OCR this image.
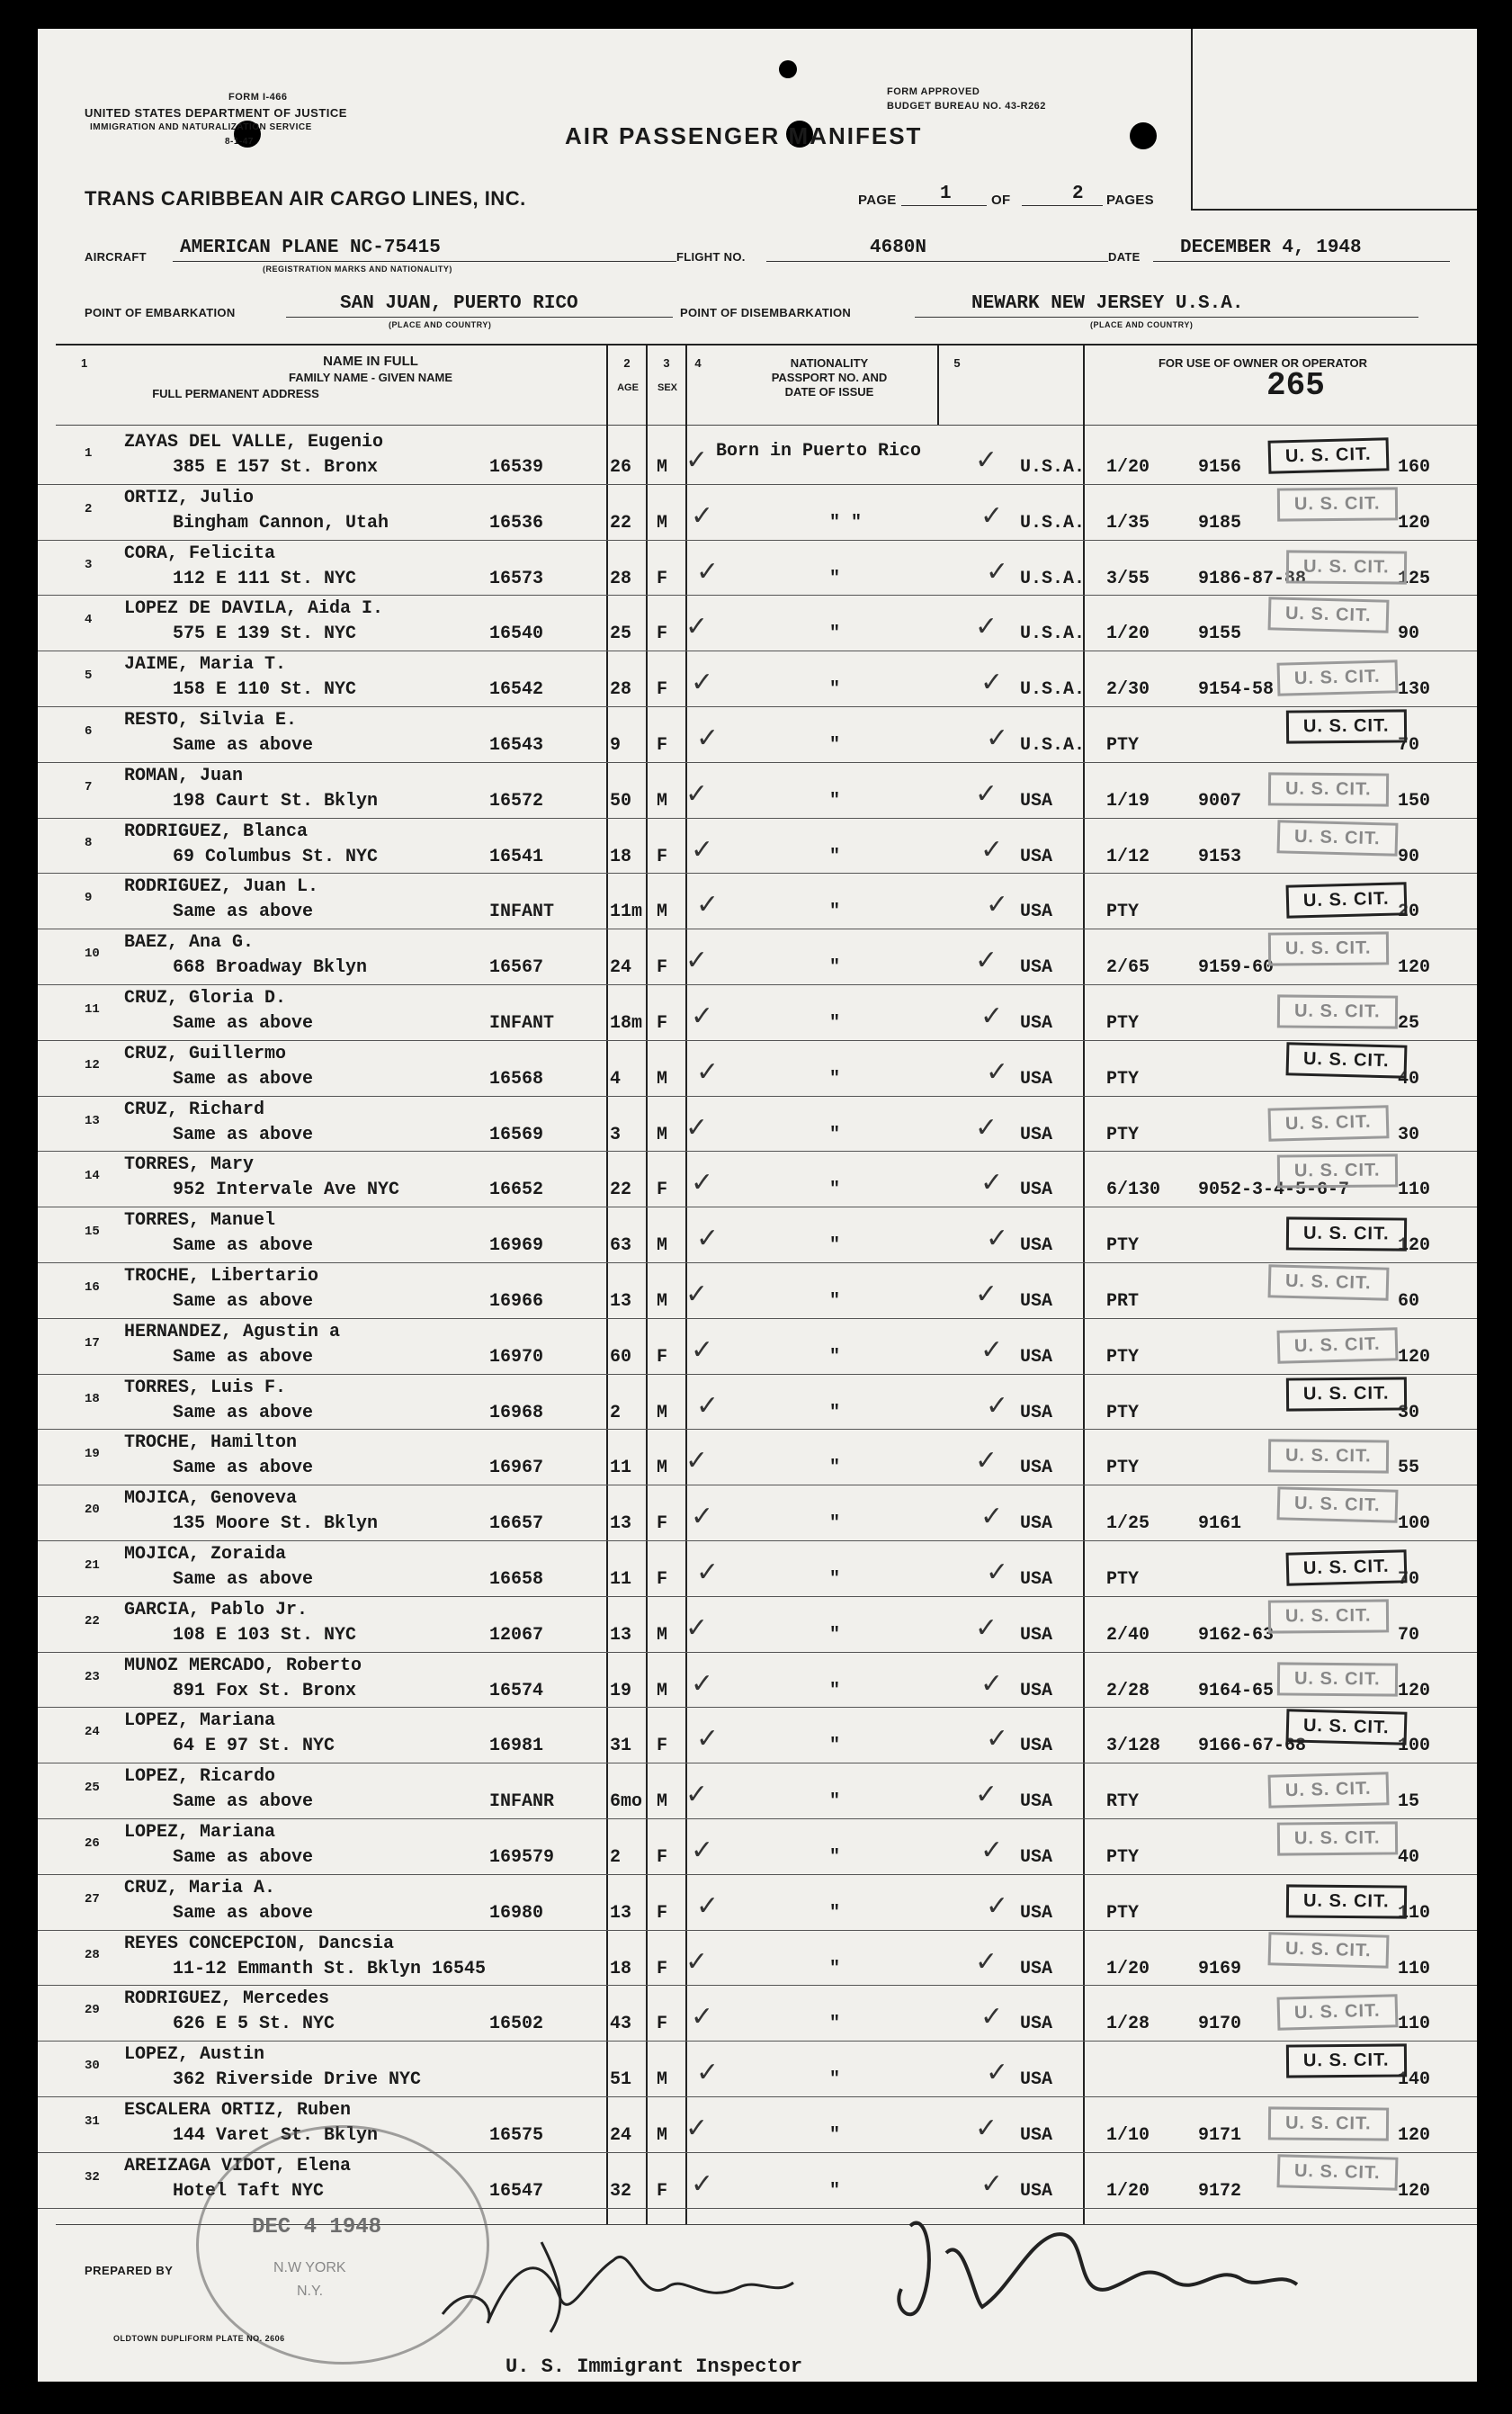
FORM I-466
UNITED STATES DEPARTMENT OF JUSTICE
IMMIGRATION AND NATURALIZATION SERVICE
8-1-47
FORM APPROVED
BUDGET BUREAU NO. 43-R262
AIR PASSENGER MANIFEST
TRANS CARIBBEAN AIR CARGO LINES, INC.	PAGE 1	OF	2 PAGES
AIRCRAFT AMERICAN PLANE NC-75415
(REGISTRATION MARKS AND NATIONALITY)
FLIGHT NO.	4680N	DATE DECEMBER 4, 1948
POINT OF EMBARKATION	SAN JUAN, PUERTO RICO
(PLACE AND COUNTRY)
POINT OF DISEMBARKATION	NEWARK NEW JERSEY U.S.A.
(PLACE AND COUNTRY)
1	NAME IN FULL
FAMILY NAME - GIVEN NAME
FULL PERMANENT ADDRESS
2
AGE
3
SEX
4	NATIONALITY
PASSPORT NO. AND
DATE OF ISSUE
5	FOR USE OF OWNER OR OPERATOR
265
1
ZAYAS DEL VALLE, Eugenio
385 E 157 St. Bronx	16539	26 M
Born in Puerto Rico
U.S.A. 1/20	9156	160
U. S. CIT.
✓	✓
2
ORTIZ, Julio
Bingham Cannon, Utah	16536	22 M	" "	U.S.A. 1/35	9185	120
U. S. CIT.
✓	✓
3
CORA, Felicita
112 E 111 St. NYC	16573	28 F	"	U.S.A. 3/55	9186-87-88	125
U. S. CIT.
✓	✓
4
LOPEZ DE DAVILA, Aida I.
575 E 139 St. NYC	16540	25 F	"	U.S.A. 1/20	9155	90
U. S. CIT.
✓	✓
5
JAIME, Maria T.
158 E 110 St. NYC	16542	28 F	"	U.S.A. 2/30	9154-58	130
U. S. CIT.
✓	✓
6
RESTO, Silvia E.
Same as above	16543	9 F	"	U.S.A. PTY	70
U. S. CIT.
✓	✓
7
ROMAN, Juan
198 Caurt St. Bklyn	16572	50 M	"	USA	1/19	9007	150
U. S. CIT.
✓	✓
8
RODRIGUEZ, Blanca
69 Columbus St. NYC	16541	18 F	"	USA	1/12	9153	90
U. S. CIT.
✓	✓
9
RODRIGUEZ, Juan L.
Same as above	INFANT	11m M	"	USA	PTY	20
U. S. CIT.
✓	✓
10
BAEZ, Ana G.
668 Broadway Bklyn	16567	24 F	"	USA	2/65	9159-60	120
U. S. CIT.
✓	✓
11
CRUZ, Gloria D.
Same as above	INFANT	18m F	"	USA	PTY	25
U. S. CIT.
✓	✓
12
CRUZ, Guillermo
Same as above	16568	4 M	"	USA	PTY	40
U. S. CIT.
✓	✓
13
CRUZ, Richard
Same as above	16569	3 M	"	USA	PTY	30
U. S. CIT.
✓	✓
14
TORRES, Mary
952 Intervale Ave NYC	16652	22 F	"	USA	6/130 9052-3-4-5-6-7	110
U. S. CIT.
✓	✓
15
TORRES, Manuel
Same as above	16969	63 M	"	USA	PTY	120
U. S. CIT.
✓	✓
16
TROCHE, Libertario
Same as above	16966	13 M	"	USA	PRT	60
U. S. CIT.
✓	✓
17
HERNANDEZ, Agustin a
Same as above	16970	60 F	"	USA	PTY	120
U. S. CIT.
✓	✓
18
TORRES, Luis F.
Same as above	16968	2 M	"	USA	PTY	30
U. S. CIT.
✓	✓
19
TROCHE, Hamilton
Same as above	16967	11 M	"	USA	PTY	55
U. S. CIT.
✓	✓
20
MOJICA, Genoveva
135 Moore St. Bklyn	16657	13 F	"	USA	1/25	9161	100
U. S. CIT.
✓	✓
21
MOJICA, Zoraida
Same as above	16658	11 F	"	USA	PTY	70
U. S. CIT.
✓	✓
22
GARCIA, Pablo Jr.
108 E 103 St. NYC	12067	13 M	"	USA	2/40	9162-63	70
U. S. CIT.
✓	✓
23
MUNOZ MERCADO, Roberto
891 Fox St. Bronx	16574	19 M	"	USA	2/28	9164-65	120
U. S. CIT.
✓	✓
24
LOPEZ, Mariana
64 E 97 St. NYC	16981	31 F	"	USA	3/128 9166-67-68	100
U. S. CIT.
✓	✓
25
LOPEZ, Ricardo
Same as above	INFANR	6mo M	"	USA	RTY	15
U. S. CIT.
✓	✓
26
LOPEZ, Mariana
Same as above	169579	2 F	"	USA	PTY	40
U. S. CIT.
✓	✓
27
CRUZ, Maria A.
Same as above	16980	13 F	"	USA	PTY	110
U. S. CIT.
✓	✓
28
REYES CONCEPCION, Dancsia
11-12 Emmanth St. Bklyn 16545	18 F	"	USA	1/20	9169	110
U. S. CIT.
✓	✓
29
RODRIGUEZ, Mercedes
626 E 5 St. NYC	16502	43 F	"	USA	1/28	9170	110
U. S. CIT.
✓	✓
30
LOPEZ, Austin
362 Riverside Drive NYC	51 M	"	USA	140
U. S. CIT.
✓	✓
31
ESCALERA ORTIZ, Ruben
144 Varet St. Bklyn	16575	24 M	"	USA	1/10	9171	120
U. S. CIT.
✓	✓
32
AREIZAGA VIDOT, Elena
Hotel Taft NYC	16547	32 F	"	USA	1/20	9172	120
U. S. CIT.
✓	✓
PREPARED BY
DEC 4 1948
N.W YORK
N.Y.
U. S. Immigrant Inspector
OLDTOWN DUPLIFORM PLATE NO. 2606
